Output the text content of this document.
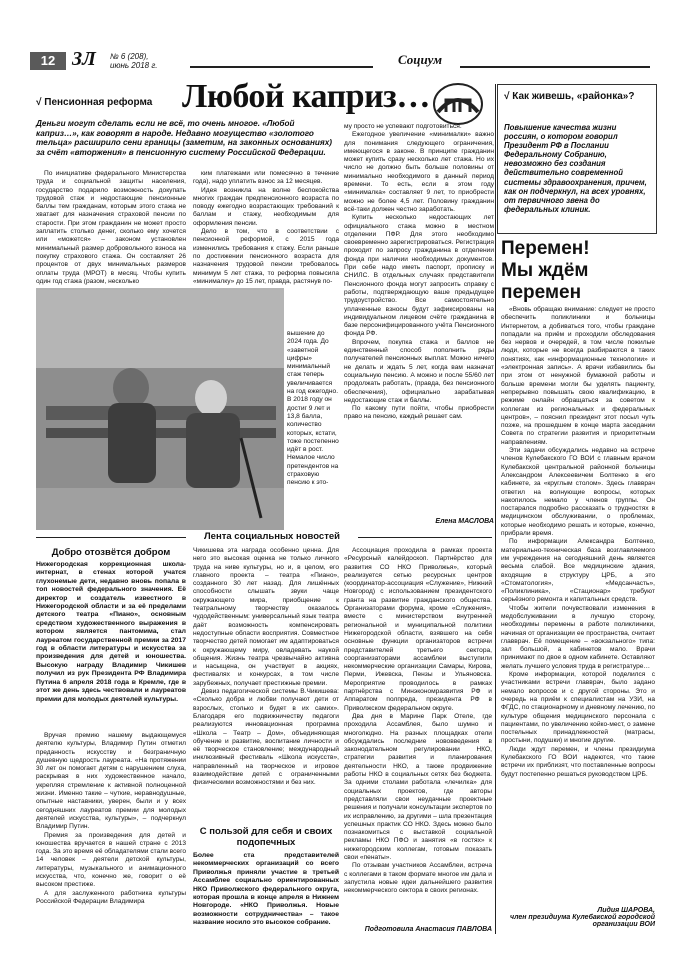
12 ЗЛ № 6 (208),
июнь 2018 г.	Социум
√ Пенсионная реформа Любой каприз…
Деньги могут сделать если не всё, то очень многое. «Любой каприз…», как говорят в народе. Недавно могущество «золотого тельца» расширило сени границы (заметим, на законных основаниях) за счёт «вторжения» в пенсионную систему Российской Федерации.

По инициативе федерального Министерства труда и социальной защиты населения, государство подарило возможность докупать трудовой стаж и недостающие пенсионные баллы тем гражданам, которым этого стажа не хватает для назначения страховой пенсии по старости. При этом гражданин не может просто заплатить столько денег, сколько ему хочется или «можется» – законом установлен минимальный размер добровольного взноса на покупку страхового стажа. Он составляет 26 процентов от двух минимальных размеров оплаты труда (МРОТ) в месяц. Чтобы купить один год стажа (разом, несколько

ким платежами или помесячно в течение года), надо уплатить взнос за 12 месяцев.

Идея возникла на волне беспокойства многих граждан предпенсионного возраста по поводу ежегодно возрастающих требований к баллам и стажу, необходимым для оформления пенсии.

Дело в том, что в соответствии с пенсионной реформой, с 2015 года изменились требования к стажу. Если раньше по достижении пенсионного возраста для назначения трудовой пенсии требовалось минимум 5 лет стажа, то реформа повысила «минималку» до 15 лет, правда, растянув по-

вышение до 2024 года. До «заветной цифры» минимальный стаж теперь увеличивается на год ежегодно. В 2018 году он достиг 9 лет и 13,8 балла, количество которых, кстати, тоже постепенно идёт в рост. Немалое число претендентов на страховую пенсию к это-
му просто не успевают подготовиться.

Ежегодное увеличение «минималки» важно для понимания следующего ограничения, имеющегося в законе. В принципе гражданин может купить сразу несколько лет стажа. Но их число не должно быть больше половины от минимально необходимого в данный период времени. То есть, если в этом году «минималка» составляет 9 лет, то приобрести можно не более 4,5 лет. Половину гражданин всё-таки должен честно заработать.

Купить несколько недостающих лет официального стажа можно в местном отделении ПФР. Для этого необходимо своевременно зарегистрироваться. Регистрация проходит по запросу гражданина в отделении фонда при наличии необходимых документов. При себе надо иметь паспорт, прописку и СНИЛС. В отдельных случаях представители Пенсионного фонда могут запросить справку с работы, подтверждающую ваше предыдущее трудоустройство. Все самостоятельно уплаченные взносы будут зафиксированы на индивидуальном лицевом счёте гражданина в базе персонифицированного учёта Пенсионного фонда РФ.

Впрочем, покупка стажа и баллов не единственный способ пополнить ряды получателей пенсионных выплат. Можно ничего не делать и ждать 5 лет, когда вам назначат социальную пенсию. А можно и после 55/60 лет продолжать работать, (правда, без пенсионного обеспечения), официально зарабатывая недостающие стаж и баллы.

По какому пути пойти, чтобы приобрести право на пенсию, каждый решает сам.

Елена МАСЛОВА
√ Как живешь, «районка»?
Повышение качества жизни россиян, о котором говорил Президент РФ в Послании Федеральному Собранию, невозможно без создания действительно современной системы здравоохранения, причем, как он подчеркнул, на всех уровнях, от первичного звена до федеральных клиник.
Перемен!
Мы ждём
перемен

«Вновь обращаю внимание: следует не просто обеспечить поликлиники и больницы Интернетом, а добиваться того, чтобы граждане попадали на приём и проходили обследования без нервов и очередей, в том числе пожилые люди, которые не всегда разбираются в таких понятиях, как «информационные технологии» и «электронная запись». А врачи избавились бы при этом от ненужной бумажной работы и больше времени могли бы уделять пациенту, непрерывно повышать свою квалификацию, в режиме онлайн обращаться за советом к коллегам из региональных и федеральных центров», – пояснил президент этот посыл чуть позже, на прошедшем в конце марта заседании Совета по стратегии развития и приоритетным направлениям.

Эти задачи обсуждались недавно на встрече членов Кулебакского ГО ВОИ с главным врачом Кулебакской центральной районной больницы Александром Алексеевичем Болтенко в его кабинете, за «круглым столом». Здесь главврач ответил на волнующие вопросы, которых накопилось немало у членов группы. Он постарался подробно рассказать о трудностях в медицинском обслуживании, о проблемах, которые необходимо решать и которые, конечно, прибрали время.

По информации Александра Болтенко, материально-техническая база возглавляемого им учреждения на сегодняшний день является весьма слабой. Все медицинские здания, входящие в структуру ЦРБ, а это «Стоматология», «Медсанчасть», «Поликлиника», «Стационар» требуют серьёзного ремонта и капитальных средств.

Чтобы жители почувствовали изменения в медобслуживании в лучшую сторону, необходимы перемены в работе поликлиники, начиная от организации ее пространства, считает главврач. Её помещение – «вокзального» типа: зал большой, а кабинетов мало. Врачи принимают по двое в одном кабинете. Оставляют желать лучшего условия труда в регистратуре…

Кроме информации, которой поделился с участниками встречи главврач, было задано немало вопросов и с другой стороны. Это и очередь на приём к специалистам на УЗИ, на ФГДС, по стационарному и дневному лечению, по культуре общения медицинского персонала с пациентами, по увеличению койко-мест, о замене постельных принадлежностей (матрасы, простыни, подушки) и многие другие.

Люди ждут перемен, и члены президиума Кулебакского ГО ВОИ надеются, что такие встречи их приблизят, что поставленные вопросы будут постепенно решаться руководством ЦРБ.

Лидия ШАРОВА,
член президиума Кулебакской городской организации ВОИ
Лента социальных новостей
Добро отозвётся добром
Нижегородская коррекционная школа-интернат, в стенах которой учатся глухонемые дети, недавно вновь попала в топ новостей федерального значения. Её директор и создатель известного в Нижегородской области и за её пределами детского театра «Пиано», основным средством художественного выражения в котором является пантомима, стал лауреатом государственной премии за 2017 год в области литературы и искусства за произведения для детей и юношества. Высокую награду Владимир Чикишев получил из рук Президента РФ Владимира Путина 6 апреля 2018 года в Кремле, где в этот же день здесь чествовали и лауреатов премии для молодых деятелей культуры.

Вручая премию нашему выдающемуся деятелю культуры, Владимир Путин отметил преданность искусству и безграничную душевную щедрость лауреата. «На протяжении 30 лет он помогает детям с нарушением слуха, раскрывая в них художественное начало, укрепляя стремление к активной полноценной жизни. Именно такие – чуткие, неравнодушные, опытные наставники, уверен, были и у всех сегодняшних лауреатов премии для молодых деятелей искусства, культуры», – подчеркнул Владимир Путин.

Премия за произведения для детей и юношества вручается в нашей стране с 2013 года. За это время её обладателями стали всего 14 человек – деятели детской культуры, литературы, музыкального и анимационного искусства, что, конечно же, говорит о её высоком престиже.

А для заслуженного работника культуры Российской Федерации Владимира

Чикишева эта награда особенно ценна. Для него это высокая оценка не только личного труда на ниве культуры, но и, в целом, его главного проекта – театра «Пиано», созданного 30 лет назад. Для лишённых способности слышать звуки чаще окружающего мира, приобщение к театральному творчеству оказалось чудодейственным: универсальный язык театра даёт возможность компенсировать недоступные области восприятия. Совместное творчество детей помогает им адаптироваться к окружающему миру, овладевать наукой общения. Жизнь театра чрезвычайно активна и насыщена, он участвует в акциях, фестивалях и конкурсах, в том числе зарубежных, получает престижные премии.

Девиз педагогической системы В.Чикишева: «Сколько добра и любви получают дети от взрослых, столько и будет в их самих». Благодаря его подвижничеству педагоги реализуются инновационная программа «Школа – Театр – Дом», объединяющая обучение и развитие, воспитание личности и её творческое становление; международный инклюзивный фестиваль «Школа искусств», направленный на творческое и игровое взаимодействие детей с ограниченными физическими возможностями и без них.

С пользой для себя и своих
подопечных
Более ста представителей некоммерческих организаций со всего Приволжья приняли участие в третьей Ассамблее социально ориентированных НКО Приволжского федерального округа, которая прошла в конце апреля в Нижнем Новгороде. «НКО Приволжья. Новые возможности сотрудничества» – такое название носило это высокое собрание.

Ассоциация проходила в рамках проекта «Ресурсный калейдоскоп. Партнёрство для развития СО НКО Приволжья», который реализуется сетью ресурсных центров (координатор-ассоциация «Служение», Нижний Новгород) с использованием президентского гранта на развитие гражданского общества. Организаторами форума, кроме «Служения», вместе с министерством внутренней региональной и муниципальной политики Нижегородской области, взявшего на себя основные функции организаторов встречи представителей третьего сектора, соорганизаторами ассамблеи выступили некоммерческие организации Самары, Кирова, Перми, Ижевска, Пензы и Ульяновска. Мероприятие проводилось в рамках партнёрства с Минэкономразвития РФ и Аппаратом полпреда, президента РФ в Приволжском федеральном округе.

Два дня в Марине Парк Отеле, где проходила Ассамблея, было шумно и многолюдно. На разных площадках отели обсуждались последние нововведения в законодательном регулировании НКО, стратегии развития и планирования деятельности НКО, а также продвижение работы НКО в социальных сетях без бюджета. За одними столами работала «лечилка» для социальных проектов, где авторы представляли свои неудачные проектные решения и получали консультации экспертов по их исправлению, за другими – шла презентация успешных практик СО НКО. Здесь можно было познакомиться с выставкой социальной рекламы НКО ПФО и занятия «в гостях» к нижегородским коллегам, готовым показать свои «пенаты».

По отзывам участников Ассамблеи, встреча с коллегами в таком формате многое им дала и запустила новые идеи дальнейшего развития некоммерческого сектора в своих регионах.

Подготовила Анастасия ПАВЛОВА
